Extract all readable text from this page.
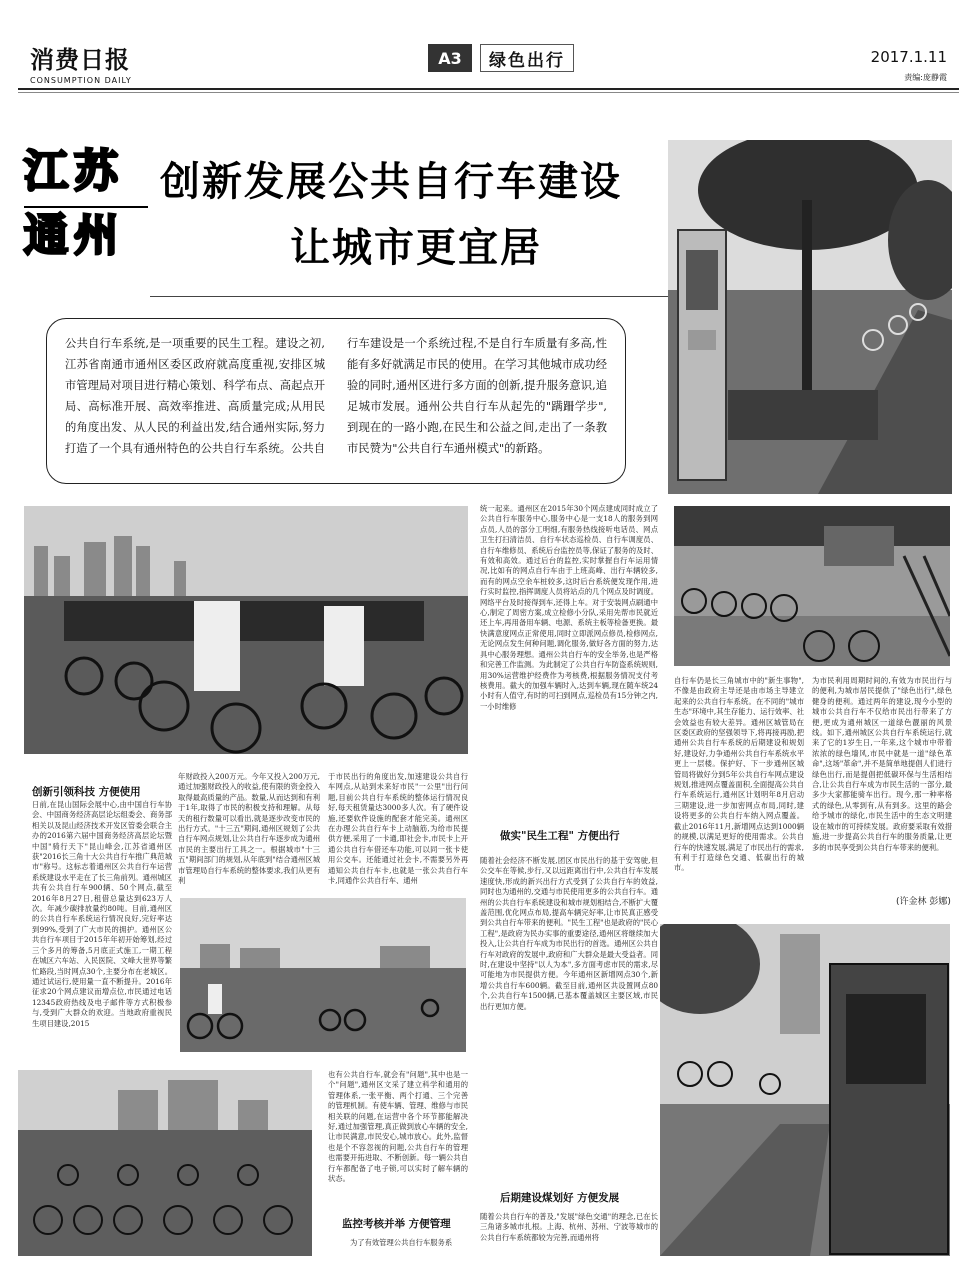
消费日报
CONSUMPTION DAILY
A3	绿色出行	2017.1.11
责编:庞静霞
江苏
通州
创新发展公共自行车建设
让城市更宜居
公共自行车系统,是一项重要的民生工程。建设之初,江苏省南通市通州区委区政府就高度重视,安排区城市管理局对项目进行精心策划、科学布点、高起点开局、高标准开展、高效率推进、高质量完成;从用民的角度出发、从人民的利益出发,结合通州实际,努力打造了一个具有通州特色的公共自行车系统。公共自行车建设是一个系统过程,不是自行车质量有多高,性能有多好就满足市民的使用。在学习其他城市成功经验的同时,通州区进行多方面的创新,提升服务意识,追足城市发展。通州公共自行车从起先的"蹒跚学步",到现在的一路小跑,在民生和公益之间,走出了一条教市民赞为"公共自行车通州模式"的新路。
创新引领科技 方便使用
日前,在昆山国际会展中心,由中国自行车协会、中国商务经济高层论坛组委会、商务部相关以及昆山经济技术开发区管委会联合主办的2016第六届中国商务经济高层论坛暨中国"骑行天下"昆山峰会,江苏省通州区获"2016长三角十大公共自行车推广典范城市"称号。这标志着通州区公共自行车运营系统建设水平走在了长三角前列。通州城区共有公共自行车900辆、50个网点,截至2016年8月27日,租借总量达到623万人次。年减少碳排放量约80吨。目前,通州区的公共自行车系统运行情况良好,完好率达到99%,受到了广大市民的拥护。通州区公共自行车项目于2015年年初开始筹划,经过三个多月的筹备,5月底正式施工,一期工程在城区六车站、入民医院、文峰大世界等繁忙路段,当时网点30个,主要分布在老城区。通过试运行,使用量一直不断提升。2016年征求20个网点建议而增点位,市民通过电话12345政府热线及电子邮件等方式积极参与,受到广大群众的欢迎。当地政府重视民生项目建设,2015
年财政投入200万元。今年又投入200万元,通过加强财政投入的收益,使有限的资金投入取得最高质量的产品。数量,从而达到和有利于1年,取得了市民的积极支持和理解。从每天的租行数量可以看出,就是逐步改变市民的出行方式。"十三五"期间,通州区规划了公共自行车网点规划,让公共自行车逐步成为通州市民的主要出行工具之一。根据城市"十三五"期间部门的规划,从年底到"结合通州区城市管理局自行车系统的整体要求,我们从更有利
于市民出行的角度出发,加速建设公共自行车网点,从站到未来好市民"一公里"出行问题,目前公共自行车系统的整体运行情况良好,每天租赁量达3000多人次。有了硬件设施,还要软件设施的配套才能完美。通州区在办理公共自行车卡上动脑筋,为给市民提供方便,采用了一卡通,即社会卡,市民卡上开通公共自行车借还车功能,可以同一张卡使用公交车。还能通过社会卡,不需要另外再通知公共自行车卡,也就是一张公共自行车卡,同通作公共自行车、通州
统一起来。通州区在2015年30个网点建成同时成立了公共自行车服务中心,服务中心是一支18人的服务到网点员,人员的部分工明细,有服务热线接听电话员、网点卫生打扫清洁员、自行车状态巡检员、自行车调度员、自行车维修员、系统后台监控员等,保证了服务的及时、有效和高效。通过后台的监控,实时掌握自行车运用情况,比如有的网点自行车由于上班高峰、出行车辆较多,而有的网点空余车桩较多,这时后台系统便发现作用,进行实时监控,指挥调度人员将站点的几个网点及时调度。网络平台及时接得到车,还得上车。对于安装网点刷通中心,制定了周密方案,成立检修小分队,采用先帮市民就近还上车,再用备用车辆、电源、系统主板等检备更换。最快满意度网点正常使用,同时立即派网点修员,检修网点,无论网点发生何种问题,调化服务,做好各方面的努力,达具中心服务理想。通州公共自行车的安全举务,也是严格和完善工作监测。为此制定了公共自行车防盗系统规则,用30%运营维护经费作为考核费,根据服务情况支付考核费用。截大的加强车辆时入,达到车辆,现在随车统24小时有人值守,有时的可扫到网点,巡检员有15分钟之内,一小时维修
做实"民生工程" 方便出行
随着社会经济不断发展,团区市民出行的基于安驾驶,但公交车在等候,步行,又以远距离出行中,公共自行车发展速度快,形成的新兴出行方式受到了公共自行车的效益,同时也为通州的,交通与市民使用更多的公共自行车。通州的公共自行车系统建设和城市规划相结合,不断扩大覆盖范围,优化网点布局,提高车辆完好率,让市民真正感受到公共自行车带来的便利。"民生工程"也是政府的"民心工程",是政府为民办实事的重要途径,通州区将继续加大投入,让公共自行车成为市民出行的首选。通州区公共自行车对政府的发展中,政府和广大群众是最大受益者。同时,在建设中坚持"以人为本",多方面考虑市民的需求,尽可能地为市民提供方便。今年通州区新增网点30个,新增公共自行车600辆。截至目前,通州区共设置网点80个,公共自行车1500辆,已基本覆盖城区主要区域,市民出行更加方便。
自行车仍是长三角城市中的"新生事物",不像是由政府主导还是由市场主导建立起来的公共自行车系统。在不同的"城市生态"环境中,其生存能力、运行效率、社会效益也有较大差异。通州区城管局在区委区政府的坚强领导下,将再接再励,把通州公共自行车系统的后期建设和规划好,建设好,力争通州公共自行车系统水平更上一层楼。保护好、下一步通州区城管局将做好分到5年公共自行车网点建设规划,推进网点覆盖面积,全面提高公共自行车系统运行,通州区计划明年8月启动三期建设,进一步加密网点布局,同时,建设将更多的公共自行车纳入网点覆盖。截止2016年11月,新增网点达到1000辆的规模,以满足更好的使用需求。公共自行车的快速发展,满足了市民出行的需求,有利于打造绿色交通、低碳出行的城市。
为市民利用周期时间的,有效为市民出行与的便利,为城市居民提供了"绿色出行",绿色健身的便利。通过两年的建设,现今小型的城市公共自行车不仅给市民出行带来了方便,更成为通州城区一道绿色靓丽的风景线。如下,通州城区公共自行车系统运行,就来了它的1岁生日,一年来,这个城市中带着浓浓的绿色墙风,市民中就是一道"绿色革命",这场"革命",并不是简单地提倡人们进行绿色出行,而是提倡把低碳环保与生活相结合,让公共自行车成为市民生活的一部分,最多少大家都能骑车出行。现今,那一种率格式的绿色,从零到有,从有到多。这里的路会给予城市的绿化,市民生活中的生态文明建设在城市的可持续发展。政府要采取有效措施,进一步提高公共自行车的服务质量,让更多的市民享受到公共自行车带来的便利。
(许金林 彭娜)
也有公共自行车,就会有"问题",其中也是一个"问题",通州区文采了建立科学和通用的管理体系,一张平衡、两个打通、三个完善的管理机制。有使车辆、管理、维修与市民相关联的问题,在运营中各个环节都能解决好,通过加强管理,真正做到放心车辆的安全,让市民满意,市民安心,城市放心。此外,监督也是个不容忽视的问题,公共自行车的管理也需要开拓进取、不断创新。每一辆公共自行车都配备了电子锁,可以实时了解车辆的状态。
监控考核并举 方便管理
为了有效管理公共自行车服务系
后期建设煤划好 方便发展
随着公共自行车的普及,"发展"绿色交通"的理念,已在长三角诸多城市扎根。上海、杭州、苏州、宁波等城市的公共自行车系统都较为完善,而通州将
